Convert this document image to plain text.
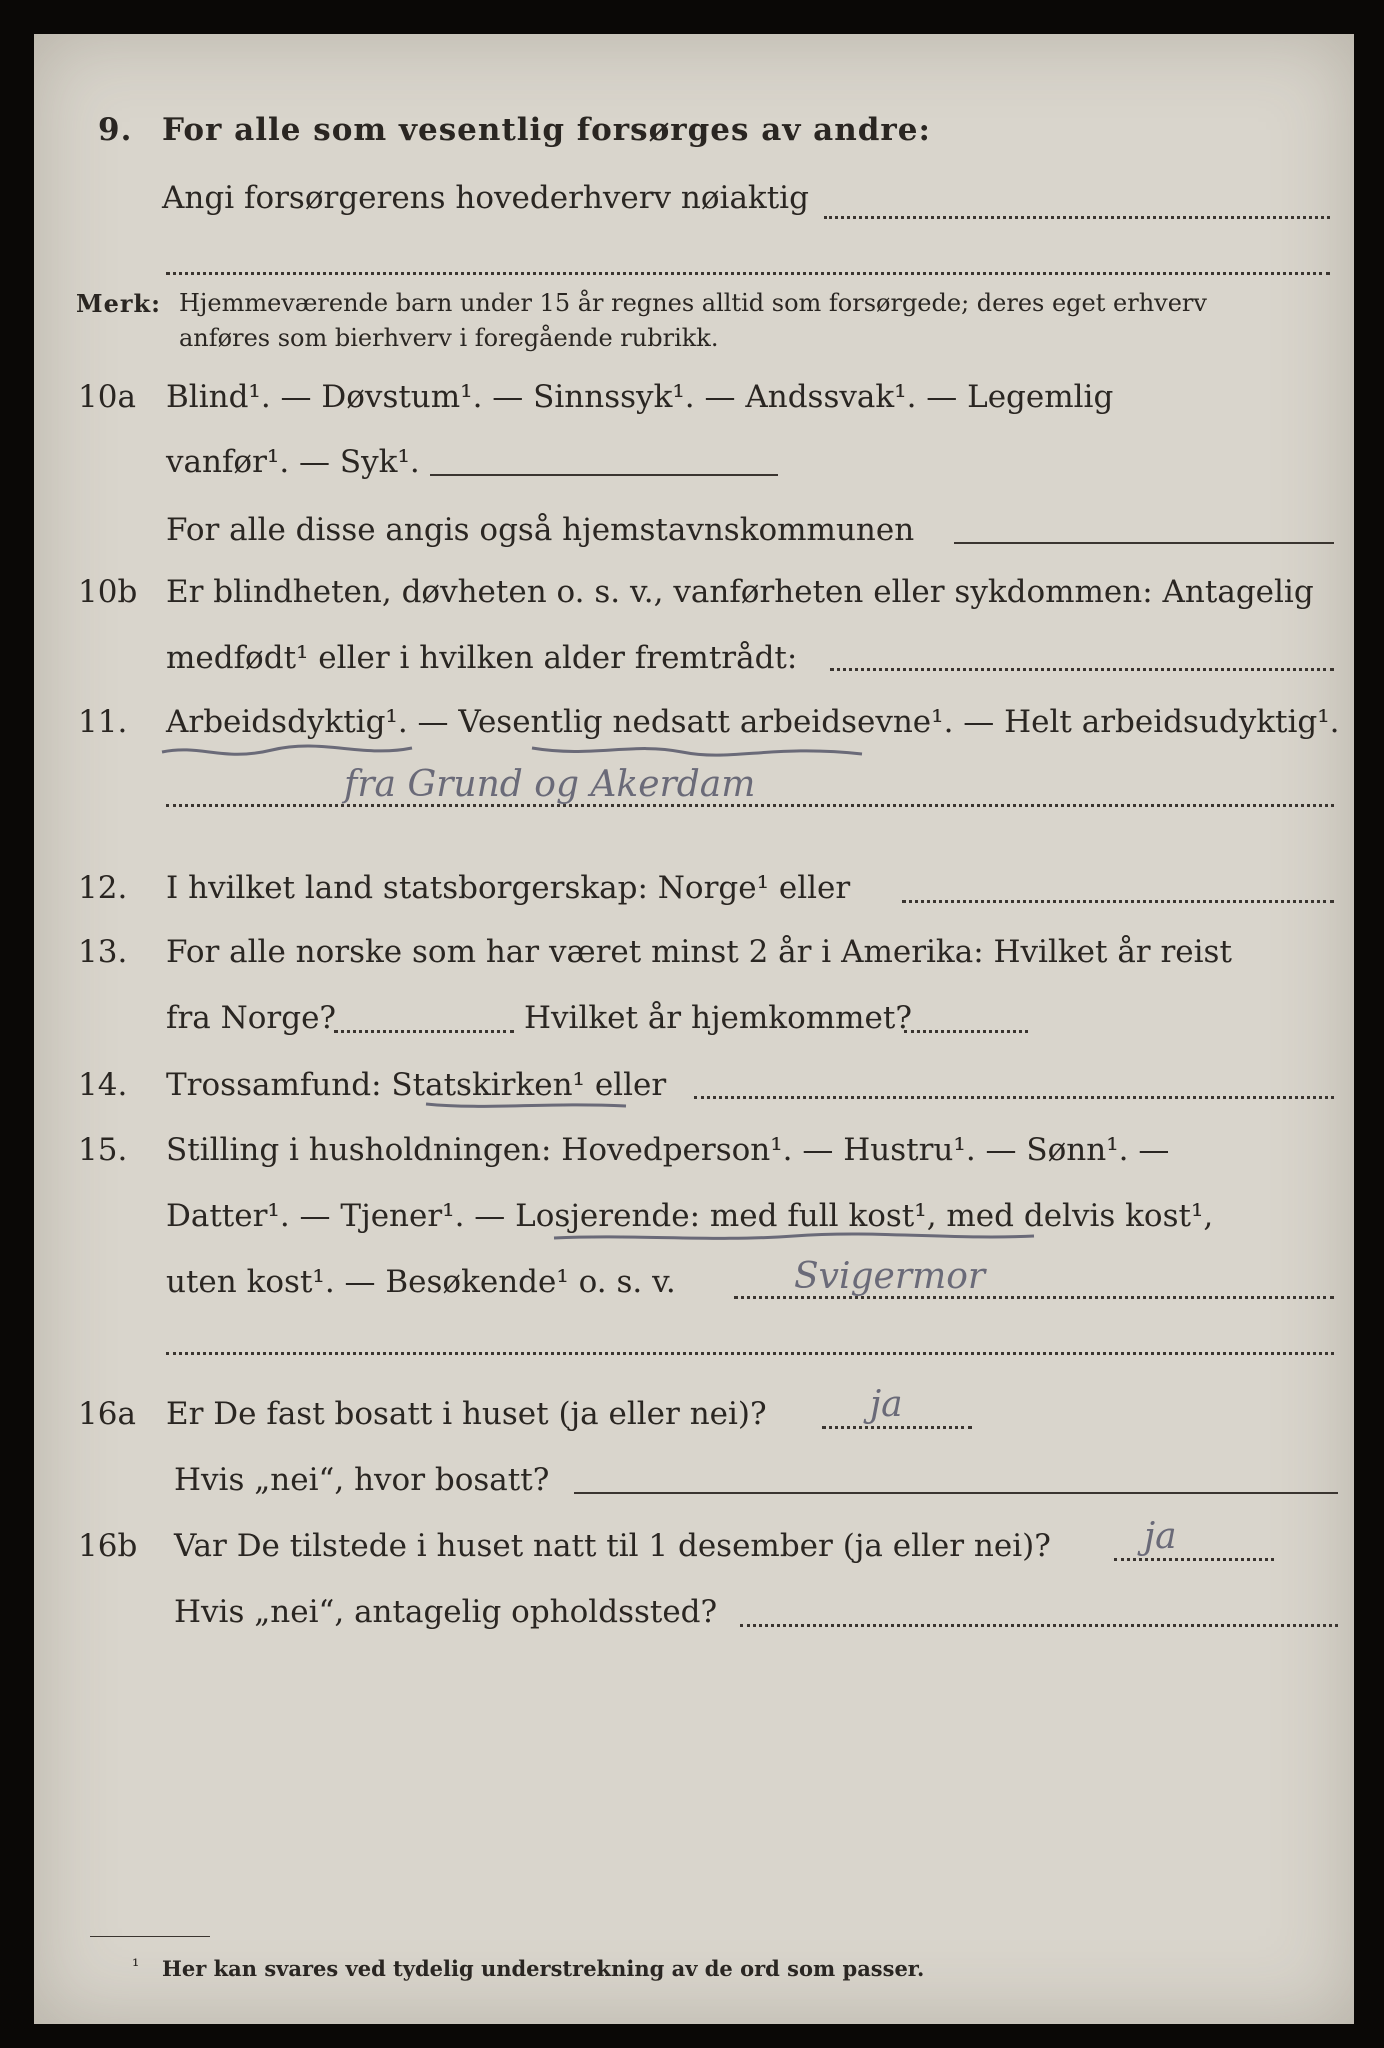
9. For alle som vesentlig forsørges av andre:
Angi forsørgerens hovederhverv nøiaktig
Merk: Hjemmeværende barn under 15 år regnes alltid som forsørgede; deres eget erhverv
anføres som bierhverv i foregående rubrikk.
10a Blind¹. — Døvstum¹. — Sinnssyk¹. — Andssvak¹. — Legemlig
vanfør¹. — Syk¹.
For alle disse angis også hjemstavnskommunen
10b Er blindheten, døvheten o. s. v., vanførheten eller sykdommen: Antagelig
medfødt¹ eller i hvilken alder fremtrådt:
11. Arbeidsdyktig¹. — Vesentlig nedsatt arbeidsevne¹. — Helt arbeidsudyktig¹.
fra Grund og Akerdam
12. I hvilket land statsborgerskap: Norge¹ eller
13. For alle norske som har været minst 2 år i Amerika: Hvilket år reist
fra Norge?	Hvilket år hjemkommet?
14. Trossamfund: Statskirken¹ eller
15. Stilling i husholdningen: Hovedperson¹. — Hustru¹. — Sønn¹. —
Datter¹. — Tjener¹. — Losjerende: med full kost¹, med delvis kost¹,
uten kost¹. — Besøkende¹ o. s. v.	Svigermor
16a Er De fast bosatt i huset (ja eller nei)?	ja
Hvis „nei“, hvor bosatt?
16b Var De tilstede i huset natt til 1 desember (ja eller nei)?	ja
Hvis „nei“, antagelig opholdssted?
¹ Her kan svares ved tydelig understrekning av de ord som passer.
